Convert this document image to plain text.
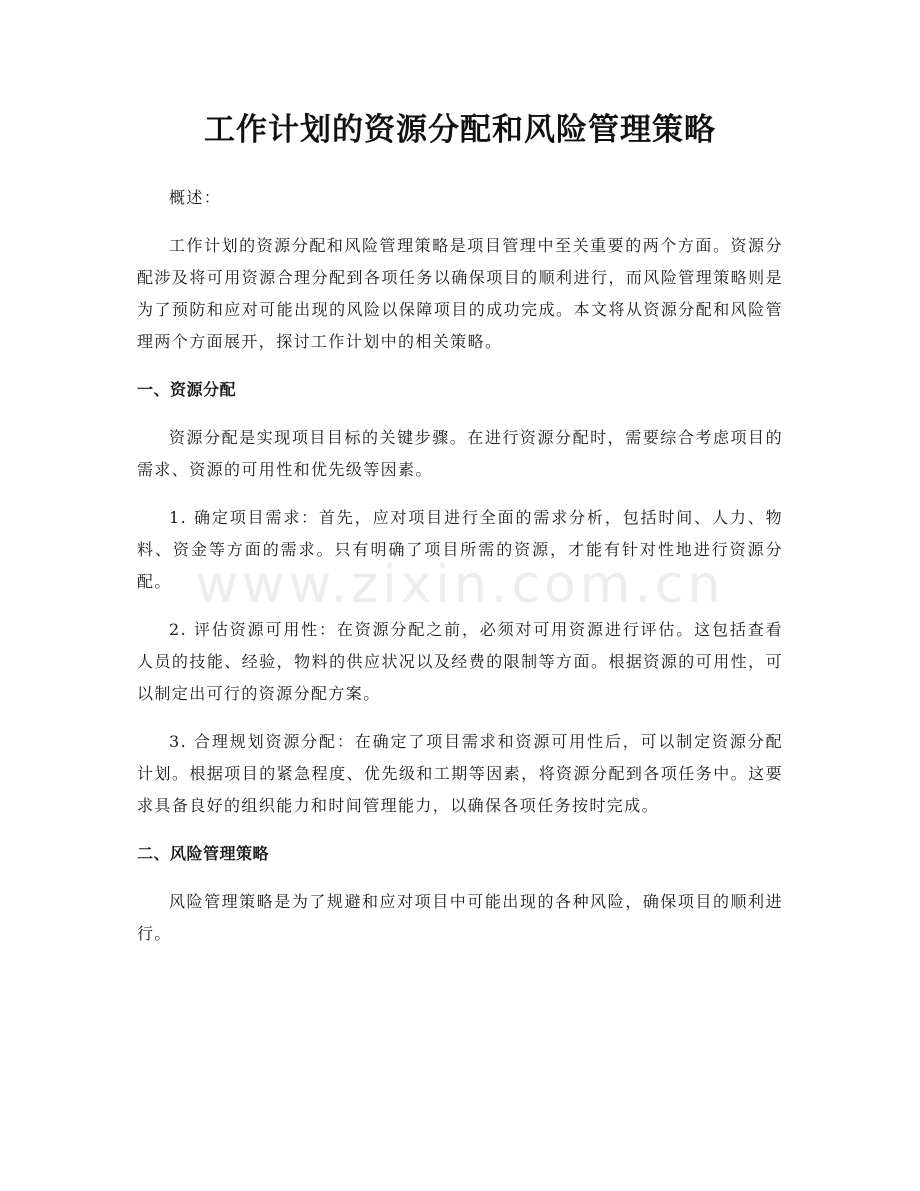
工作计划的资源分配和风险管理策略

概述：

工作计划的资源分配和风险管理策略是项目管理中至关重要的两个方面。资源分配涉及将可用资源合理分配到各项任务以确保项目的顺利进行，而风险管理策略则是为了预防和应对可能出现的风险以保障项目的成功完成。本文将从资源分配和风险管理两个方面展开，探讨工作计划中的相关策略。

一、资源分配

资源分配是实现项目目标的关键步骤。在进行资源分配时，需要综合考虑项目的需求、资源的可用性和优先级等因素。

1. 确定项目需求：首先，应对项目进行全面的需求分析，包括时间、人力、物料、资金等方面的需求。只有明确了项目所需的资源，才能有针对性地进行资源分配。

2. 评估资源可用性：在资源分配之前，必须对可用资源进行评估。这包括查看人员的技能、经验，物料的供应状况以及经费的限制等方面。根据资源的可用性，可以制定出可行的资源分配方案。

3. 合理规划资源分配：在确定了项目需求和资源可用性后，可以制定资源分配计划。根据项目的紧急程度、优先级和工期等因素，将资源分配到各项任务中。这要求具备良好的组织能力和时间管理能力，以确保各项任务按时完成。

二、风险管理策略

风险管理策略是为了规避和应对项目中可能出现的各种风险，确保项目的顺利进行。

www.zixin.com.cn
